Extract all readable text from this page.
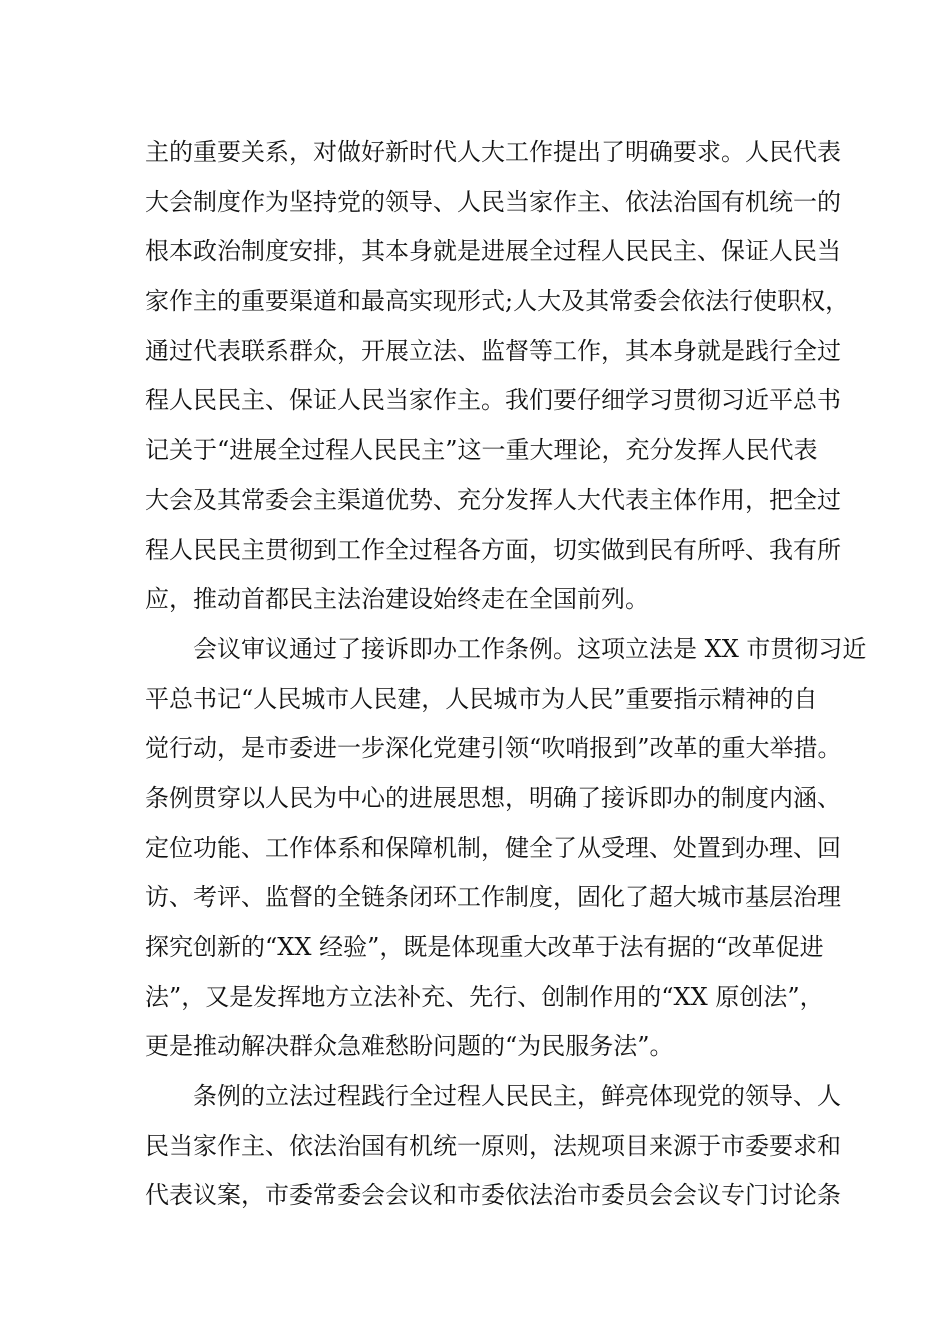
主的重要关系，对做好新时代人大工作提出了明确要求。人民代表
大会制度作为坚持党的领导、人民当家作主、依法治国有机统一的
根本政治制度安排，其本身就是进展全过程人民民主、保证人民当
家作主的重要渠道和最高实现形式;人大及其常委会依法行使职权，
通过代表联系群众，开展立法、监督等工作，其本身就是践行全过
程人民民主、保证人民当家作主。我们要仔细学习贯彻习近平总书
记关于“进展全过程人民民主”这一重大理论，充分发挥人民代表
大会及其常委会主渠道优势、充分发挥人大代表主体作用，把全过
程人民民主贯彻到工作全过程各方面，切实做到民有所呼、我有所
应，推动首都民主法治建设始终走在全国前列。
会议审议通过了接诉即办工作条例。这项立法是 XX 市贯彻习近
平总书记“人民城市人民建，人民城市为人民”重要指示精神的自
觉行动，是市委进一步深化党建引领“吹哨报到”改革的重大举措。
条例贯穿以人民为中心的进展思想，明确了接诉即办的制度内涵、
定位功能、工作体系和保障机制，健全了从受理、处置到办理、回
访、考评、监督的全链条闭环工作制度，固化了超大城市基层治理
探究创新的“XX 经验”，既是体现重大改革于法有据的“改革促进
法”，又是发挥地方立法补充、先行、创制作用的“XX 原创法”，
更是推动解决群众急难愁盼问题的“为民服务法”。
条例的立法过程践行全过程人民民主，鲜亮体现党的领导、人
民当家作主、依法治国有机统一原则，法规项目来源于市委要求和
代表议案，市委常委会会议和市委依法治市委员会会议专门讨论条
